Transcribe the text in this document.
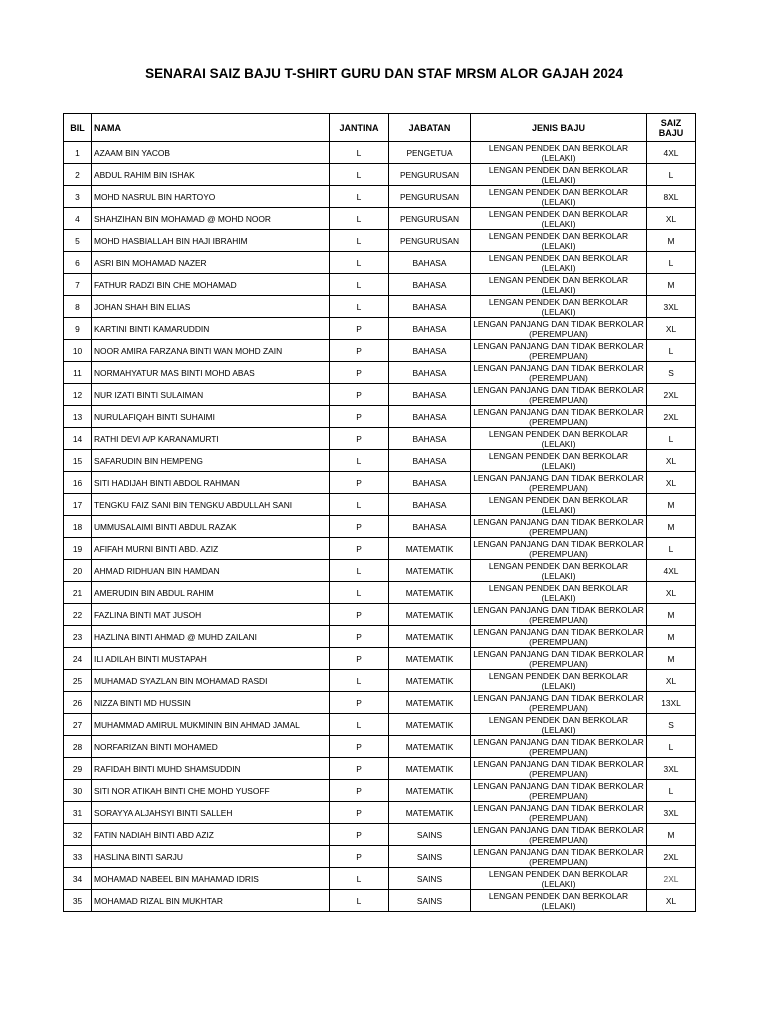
SENARAI SAIZ BAJU T-SHIRT GURU DAN STAF MRSM ALOR GAJAH 2024
BIL	NAMA	JANTINA	JABATAN	JENIS BAJU	SAIZ BAJU
1	AZAAM BIN YACOB	L	PENGETUA	LENGAN PENDEK DAN BERKOLAR (LELAKI)	4XL
2	ABDUL RAHIM BIN ISHAK	L	PENGURUSAN	LENGAN PENDEK DAN BERKOLAR (LELAKI)	L
3	MOHD NASRUL BIN HARTOYO	L	PENGURUSAN	LENGAN PENDEK DAN BERKOLAR (LELAKI)	8XL
4	SHAHZIHAN BIN MOHAMAD @ MOHD NOOR	L	PENGURUSAN	LENGAN PENDEK DAN BERKOLAR (LELAKI)	XL
5	MOHD HASBIALLAH BIN HAJI IBRAHIM	L	PENGURUSAN	LENGAN PENDEK DAN BERKOLAR (LELAKI)	M
6	ASRI BIN MOHAMAD NAZER	L	BAHASA	LENGAN PENDEK DAN BERKOLAR (LELAKI)	L
7	FATHUR RADZI BIN CHE MOHAMAD	L	BAHASA	LENGAN PENDEK DAN BERKOLAR (LELAKI)	M
8	JOHAN SHAH BIN ELIAS	L	BAHASA	LENGAN PENDEK DAN BERKOLAR (LELAKI)	3XL
9	KARTINI BINTI KAMARUDDIN	P	BAHASA	LENGAN PANJANG DAN TIDAK BERKOLAR (PEREMPUAN)	XL
10	NOOR AMIRA FARZANA BINTI WAN MOHD ZAIN	P	BAHASA	LENGAN PANJANG DAN TIDAK BERKOLAR (PEREMPUAN)	L
11	NORMAHYATUR MAS BINTI MOHD ABAS	P	BAHASA	LENGAN PANJANG DAN TIDAK BERKOLAR (PEREMPUAN)	S
12	NUR IZATI BINTI SULAIMAN	P	BAHASA	LENGAN PANJANG DAN TIDAK BERKOLAR (PEREMPUAN)	2XL
13	NURULAFIQAH BINTI SUHAIMI	P	BAHASA	LENGAN PANJANG DAN TIDAK BERKOLAR (PEREMPUAN)	2XL
14	RATHI DEVI A/P KARANAMURTI	P	BAHASA	LENGAN PENDEK DAN BERKOLAR (LELAKI)	L
15	SAFARUDIN BIN HEMPENG	L	BAHASA	LENGAN PENDEK DAN BERKOLAR (LELAKI)	XL
16	SITI HADIJAH BINTI ABDOL RAHMAN	P	BAHASA	LENGAN PANJANG DAN TIDAK BERKOLAR (PEREMPUAN)	XL
17	TENGKU FAIZ SANI BIN TENGKU ABDULLAH SANI	L	BAHASA	LENGAN PENDEK DAN BERKOLAR (LELAKI)	M
18	UMMUSALAIMI BINTI ABDUL RAZAK	P	BAHASA	LENGAN PANJANG DAN TIDAK BERKOLAR (PEREMPUAN)	M
19	AFIFAH MURNI BINTI ABD. AZIZ	P	MATEMATIK	LENGAN PANJANG DAN TIDAK BERKOLAR (PEREMPUAN)	L
20	AHMAD RIDHUAN BIN HAMDAN	L	MATEMATIK	LENGAN PENDEK DAN BERKOLAR (LELAKI)	4XL
21	AMERUDIN BIN ABDUL RAHIM	L	MATEMATIK	LENGAN PENDEK DAN BERKOLAR (LELAKI)	XL
22	FAZLINA BINTI MAT JUSOH	P	MATEMATIK	LENGAN PANJANG DAN TIDAK BERKOLAR (PEREMPUAN)	M
23	HAZLINA BINTI AHMAD @ MUHD ZAILANI	P	MATEMATIK	LENGAN PANJANG DAN TIDAK BERKOLAR (PEREMPUAN)	M
24	ILI ADILAH BINTI MUSTAPAH	P	MATEMATIK	LENGAN PANJANG DAN TIDAK BERKOLAR (PEREMPUAN)	M
25	MUHAMAD SYAZLAN BIN MOHAMAD RASDI	L	MATEMATIK	LENGAN PENDEK DAN BERKOLAR (LELAKI)	XL
26	NIZZA BINTI MD HUSSIN	P	MATEMATIK	LENGAN PANJANG DAN TIDAK BERKOLAR (PEREMPUAN)	13XL
27	MUHAMMAD AMIRUL MUKMININ BIN AHMAD JAMAL	L	MATEMATIK	LENGAN PENDEK DAN BERKOLAR (LELAKI)	S
28	NORFARIZAN BINTI MOHAMED	P	MATEMATIK	LENGAN PANJANG DAN TIDAK BERKOLAR (PEREMPUAN)	L
29	RAFIDAH BINTI MUHD SHAMSUDDIN	P	MATEMATIK	LENGAN PANJANG DAN TIDAK BERKOLAR (PEREMPUAN)	3XL
30	SITI NOR ATIKAH BINTI CHE MOHD YUSOFF	P	MATEMATIK	LENGAN PANJANG DAN TIDAK BERKOLAR (PEREMPUAN)	L
31	SORAYYA ALJAHSYI BINTI SALLEH	P	MATEMATIK	LENGAN PANJANG DAN TIDAK BERKOLAR (PEREMPUAN)	3XL
32	FATIN NADIAH BINTI ABD AZIZ	P	SAINS	LENGAN PANJANG DAN TIDAK BERKOLAR (PEREMPUAN)	M
33	HASLINA BINTI SARJU	P	SAINS	LENGAN PANJANG DAN TIDAK BERKOLAR (PEREMPUAN)	2XL
34	MOHAMAD NABEEL BIN MAHAMAD IDRIS	L	SAINS	LENGAN PENDEK DAN BERKOLAR (LELAKI)	2XL
35	MOHAMAD RIZAL BIN MUKHTAR	L	SAINS	LENGAN PENDEK DAN BERKOLAR (LELAKI)	XL
